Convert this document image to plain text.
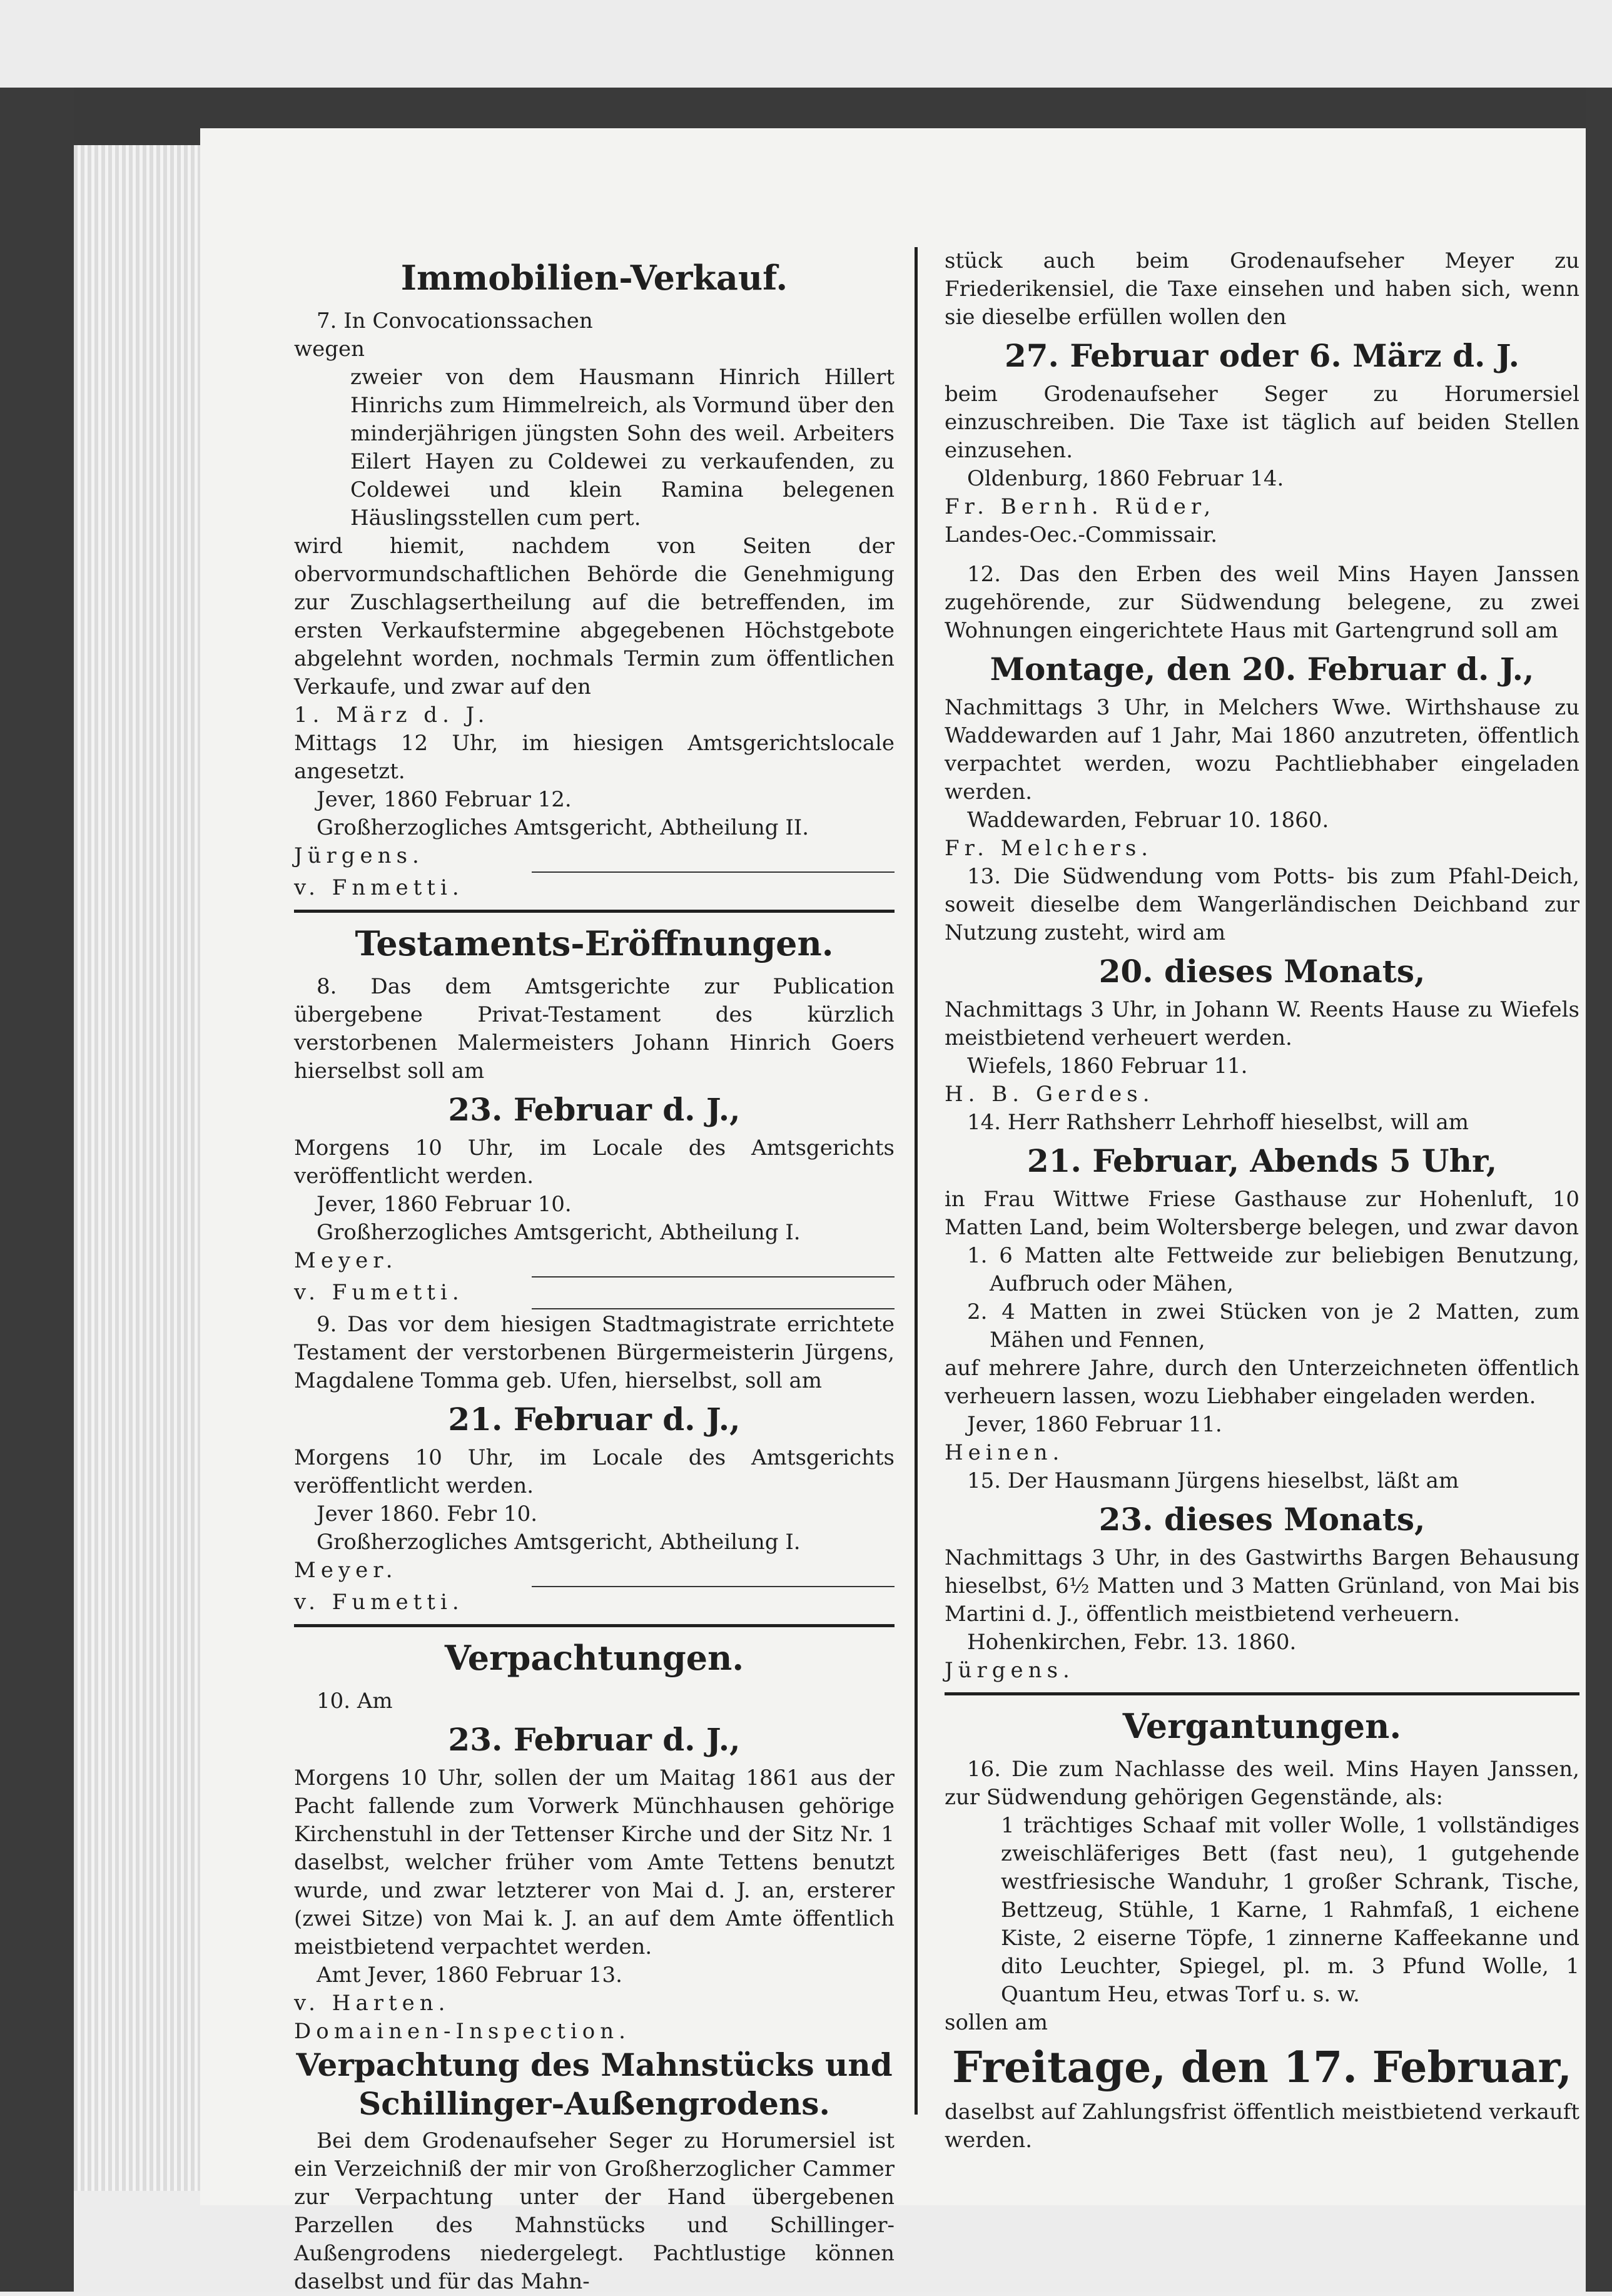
Immobilien-Verkauf.

7. In Convocationssachen

wegen

zweier von dem Hausmann Hinrich Hillert Hinrichs zum Himmelreich, als Vormund über den minderjährigen jüngsten Sohn des weil. Arbeiters Eilert Hayen zu Coldewei zu verkaufenden, zu Coldewei und klein Ramina belegenen Häuslingsstellen cum pert.

wird hiemit, nachdem von Seiten der obervormundschaftlichen Behörde die Genehmigung zur Zuschlagsertheilung auf die betreffenden, im ersten Verkaufstermine abgegebenen Höchstgebote abgelehnt worden, nochmals Termin zum öffentlichen Verkaufe, und zwar auf den

1. März d. J.

Mittags 12 Uhr, im hiesigen Amtsgerichtslocale angesetzt.

Jever, 1860 Februar 12.

Großherzogliches Amtsgericht, Abtheilung II.

Jürgens.

v. Fnmetti.

Testaments-Eröffnungen.

8. Das dem Amtsgerichte zur Publication übergebene Privat-Testament des kürzlich verstorbenen Malermeisters Johann Hinrich Goers hierselbst soll am

23. Februar d. J.,

Morgens 10 Uhr, im Locale des Amtsgerichts veröffentlicht werden.

Jever, 1860 Februar 10.

Großherzogliches Amtsgericht, Abtheilung I.

Meyer.

v. Fumetti.

9. Das vor dem hiesigen Stadtmagistrate errichtete Testament der verstorbenen Bürgermeisterin Jürgens, Magdalene Tomma geb. Ufen, hierselbst, soll am

21. Februar d. J.,

Morgens 10 Uhr, im Locale des Amtsgerichts veröffentlicht werden.

Jever 1860. Febr 10.

Großherzogliches Amtsgericht, Abtheilung I.

Meyer.

v. Fumetti.

Verpachtungen.

10. Am

23. Februar d. J.,

Morgens 10 Uhr, sollen der um Maitag 1861 aus der Pacht fallende zum Vorwerk Münchhausen gehörige Kirchenstuhl in der Tettenser Kirche und der Sitz Nr. 1 daselbst, welcher früher vom Amte Tettens benutzt wurde, und zwar letzterer von Mai d. J. an, ersterer (zwei Sitze) von Mai k. J. an auf dem Amte öffentlich meistbietend verpachtet werden.

Amt Jever, 1860 Februar 13.

v. Harten.

Domainen-Inspection.

Verpachtung des Mahnstücks und
Schillinger-Außengrodens.

Bei dem Grodenaufseher Seger zu Horumersiel ist ein Verzeichniß der mir von Großherzoglicher Cammer zur Verpachtung unter der Hand übergebenen Parzellen des Mahnstücks und Schillinger-Außengrodens niedergelegt. Pachtlustige können daselbst und für das Mahn-

stück auch beim Grodenaufseher Meyer zu Friederikensiel, die Taxe einsehen und haben sich, wenn sie dieselbe erfüllen wollen den

27. Februar oder 6. März d. J.

beim Grodenaufseher Seger zu Horumersiel einzuschreiben. Die Taxe ist täglich auf beiden Stellen einzusehen.

Oldenburg, 1860 Februar 14.

Fr. Bernh. Rüder,

Landes-Oec.-Commissair.

12. Das den Erben des weil Mins Hayen Janssen zugehörende, zur Südwendung belegene, zu zwei Wohnungen eingerichtete Haus mit Gartengrund soll am

Montage, den 20. Februar d. J.,

Nachmittags 3 Uhr, in Melchers Wwe. Wirthshause zu Waddewarden auf 1 Jahr, Mai 1860 anzutreten, öffentlich verpachtet werden, wozu Pachtliebhaber eingeladen werden.

Waddewarden, Februar 10. 1860.

Fr. Melchers.

13. Die Südwendung vom Potts- bis zum Pfahl-Deich, soweit dieselbe dem Wangerländischen Deichband zur Nutzung zusteht, wird am

20. dieses Monats,

Nachmittags 3 Uhr, in Johann W. Reents Hause zu Wiefels meistbietend verheuert werden.

Wiefels, 1860 Februar 11.

H. B. Gerdes.

14. Herr Rathsherr Lehrhoff hieselbst, will am

21. Februar, Abends 5 Uhr,

in Frau Wittwe Friese Gasthause zur Hohenluft, 10 Matten Land, beim Woltersberge belegen, und zwar davon

1. 6 Matten alte Fettweide zur beliebigen Benutzung, Aufbruch oder Mähen,

2. 4 Matten in zwei Stücken von je 2 Matten, zum Mähen und Fennen,

auf mehrere Jahre, durch den Unterzeichneten öffentlich verheuern lassen, wozu Liebhaber eingeladen werden.

Jever, 1860 Februar 11.

Heinen.

15. Der Hausmann Jürgens hieselbst, läßt am

23. dieses Monats,

Nachmittags 3 Uhr, in des Gastwirths Bargen Behausung hieselbst, 6½ Matten und 3 Matten Grünland, von Mai bis Martini d. J., öffentlich meistbietend verheuern.

Hohenkirchen, Febr. 13. 1860.

Jürgens.

Vergantungen.

16. Die zum Nachlasse des weil. Mins Hayen Janssen, zur Südwendung gehörigen Gegenstände, als:

1 trächtiges Schaaf mit voller Wolle, 1 vollständiges zweischläferiges Bett (fast neu), 1 gutgehende westfriesische Wanduhr, 1 großer Schrank, Tische, Bettzeug, Stühle, 1 Karne, 1 Rahmfaß, 1 eichene Kiste, 2 eiserne Töpfe, 1 zinnerne Kaffeekanne und dito Leuchter, Spiegel, pl. m. 3 Pfund Wolle, 1 Quantum Heu, etwas Torf u. s. w.

sollen am

Freitage, den 17. Februar,

daselbst auf Zahlungsfrist öffentlich meistbietend verkauft werden.
